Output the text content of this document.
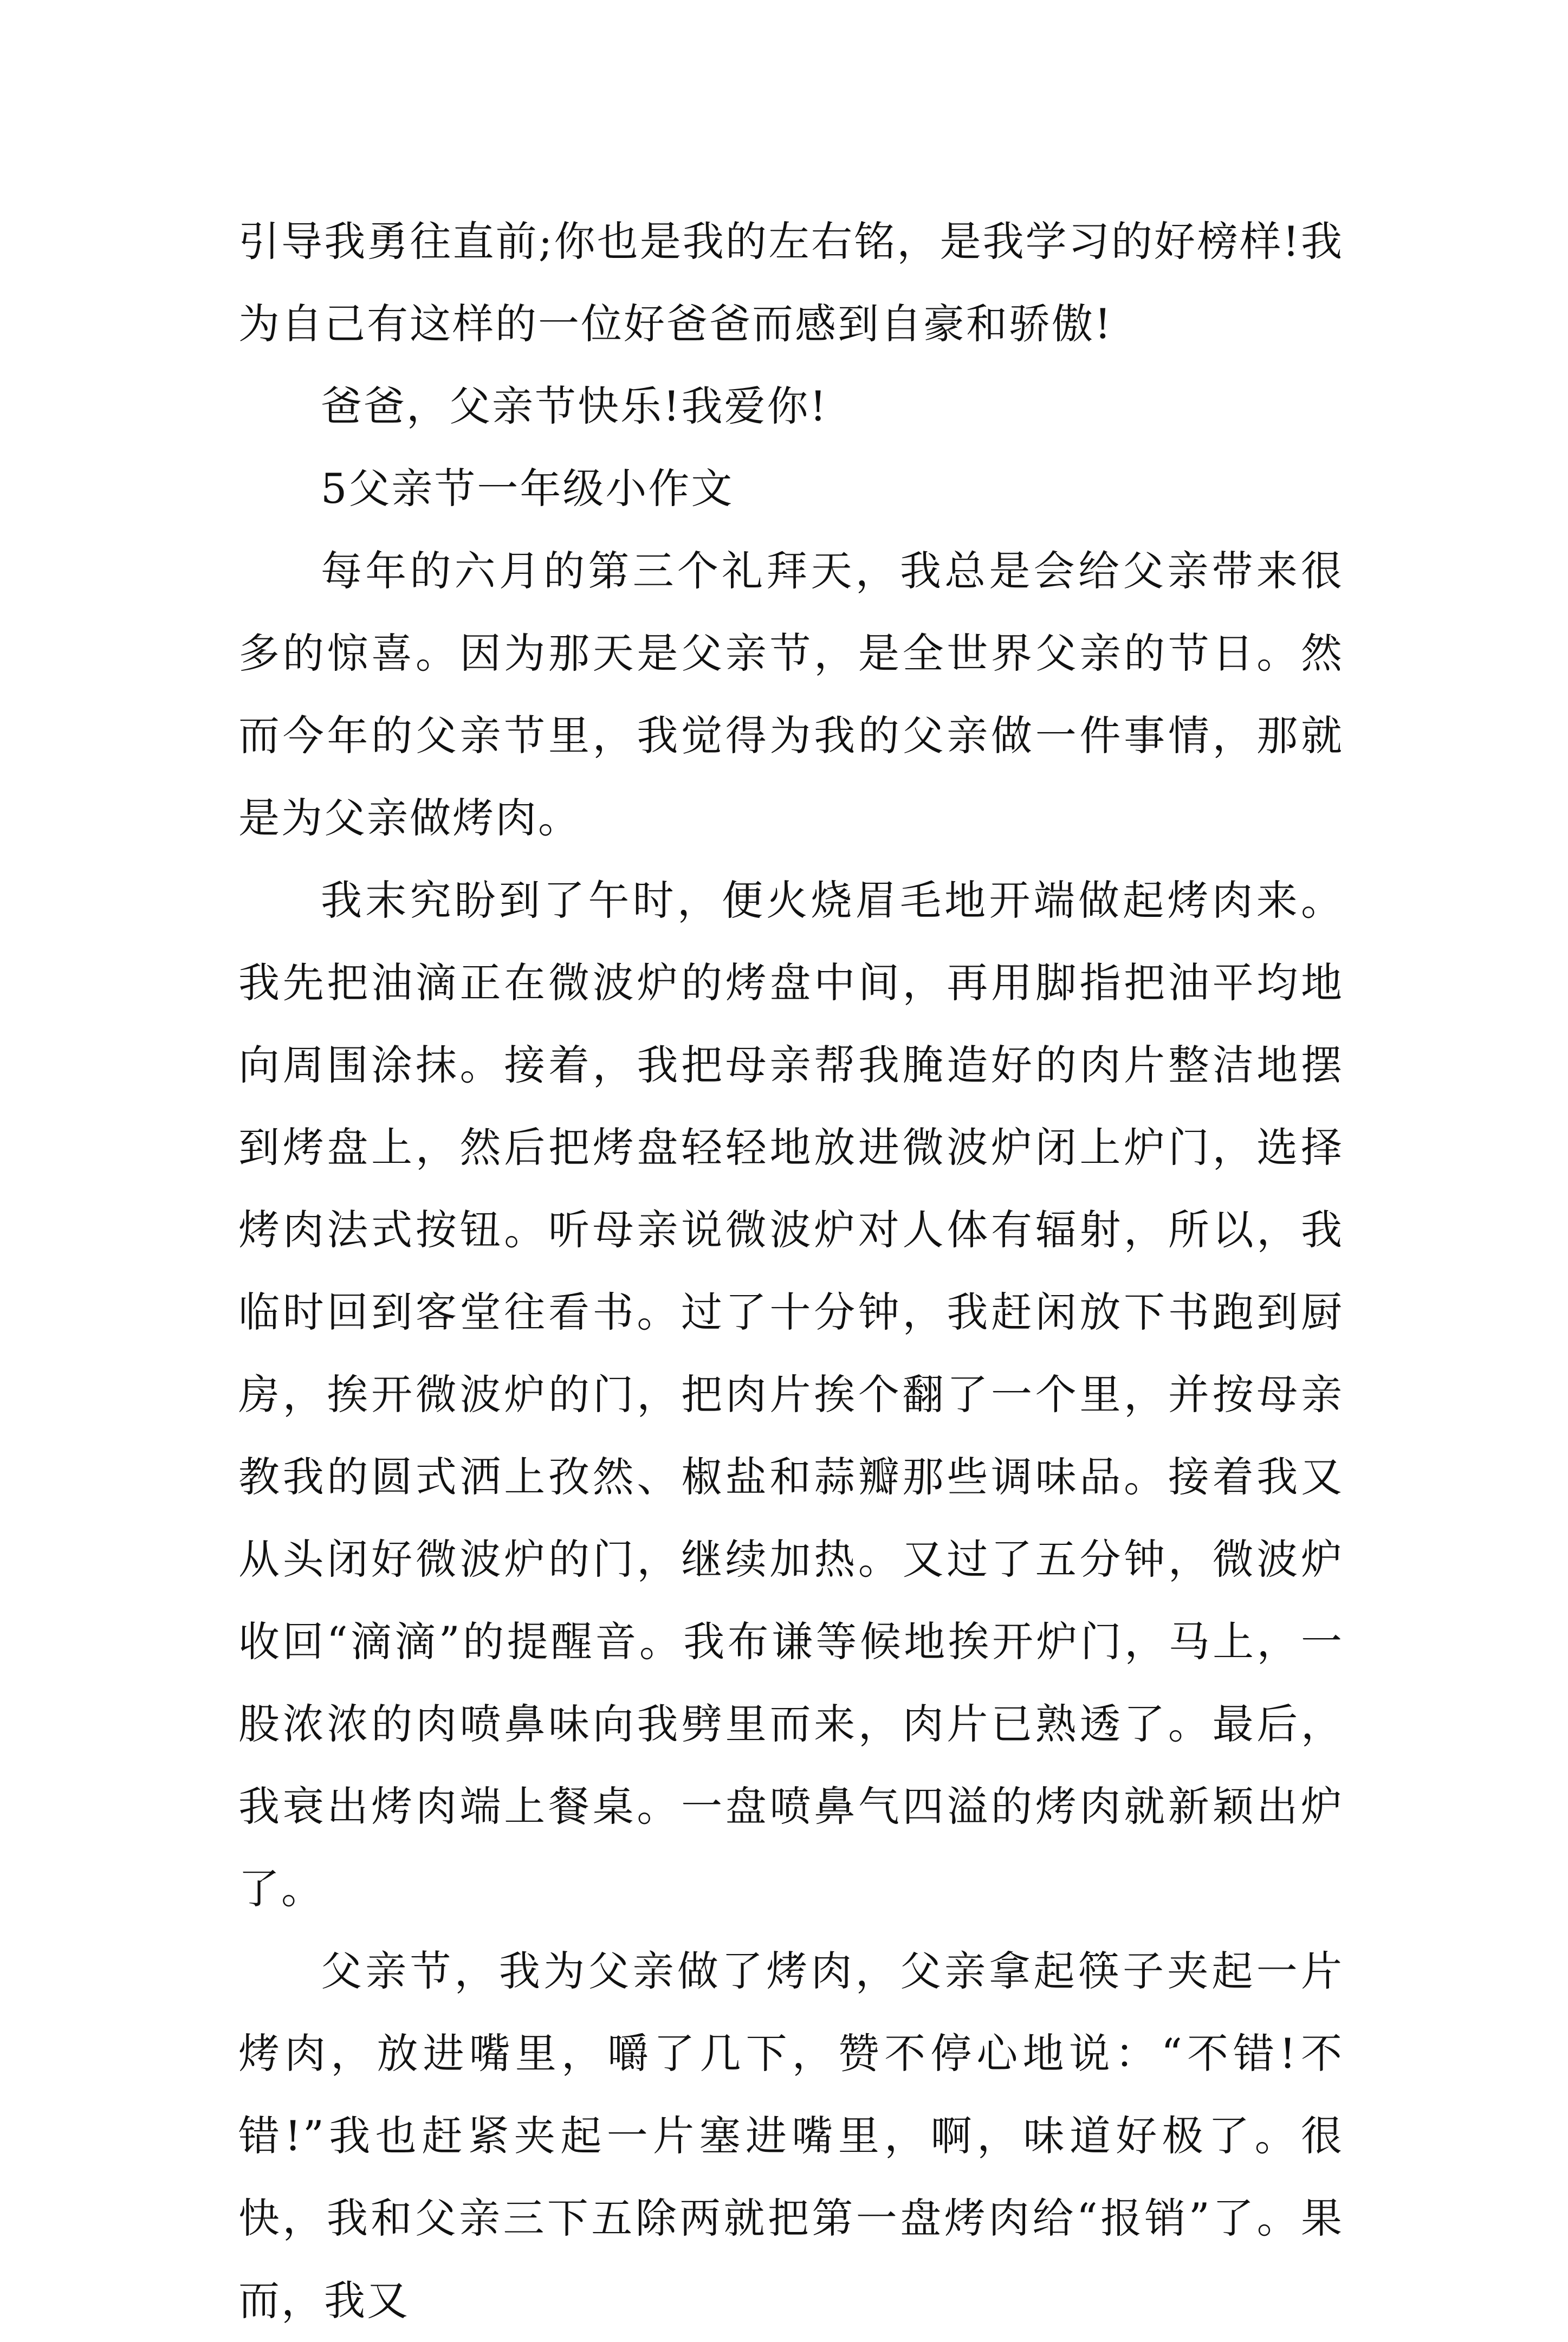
引导我勇往直前;你也是我的左右铭，是我学习的好榜样!我为自己有这样的一位好爸爸而感到自豪和骄傲!

爸爸，父亲节快乐!我爱你!

5父亲节一年级小作文

每年的六月的第三个礼拜天，我总是会给父亲带来很多的惊喜。因为那天是父亲节，是全世界父亲的节日。然而今年的父亲节里，我觉得为我的父亲做一件事情，那就是为父亲做烤肉。

我末究盼到了午时，便火烧眉毛地开端做起烤肉来。我先把油滴正在微波炉的烤盘中间，再用脚指把油平均地向周围涂抹。接着，我把母亲帮我腌造好的肉片整洁地摆到烤盘上，然后把烤盘轻轻地放进微波炉闭上炉门，选择烤肉法式按钮。听母亲说微波炉对人体有辐射，所以，我临时回到客堂往看书。过了十分钟，我赶闲放下书跑到厨房，挨开微波炉的门，把肉片挨个翻了一个里，并按母亲教我的圆式洒上孜然、椒盐和蒜瓣那些调味品。接着我又从头闭好微波炉的门，继续加热。又过了五分钟，微波炉收回“滴滴”的提醒音。我布谦等候地挨开炉门，马上，一股浓浓的肉喷鼻味向我劈里而来，肉片已熟透了。最后，我衰出烤肉端上餐桌。一盘喷鼻气四溢的烤肉就新颖出炉了。

父亲节，我为父亲做了烤肉，父亲拿起筷子夹起一片烤肉，放进嘴里，嚼了几下，赞不停心地说：“不错!不错!”我也赶紧夹起一片塞进嘴里，啊，味道好极了。很快，我和父亲三下五除两就把第一盘烤肉给“报销”了。果而，我又
